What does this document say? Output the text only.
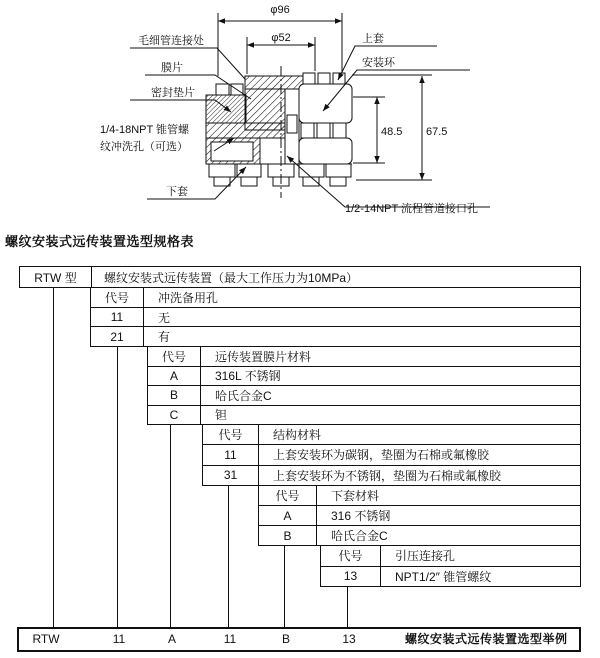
φ96
φ52
48.5 67.5
毛细管连接处
膜片
密封垫片
1/4-18NPT 锥管螺
纹冲洗孔（可选）
下套
上套
安装环
1/2-14NPT 流程管道接口孔
螺纹安装式远传装置选型规格表
RTW 型	螺纹安装式远传装置（最大工作压力为10MPa）
代号	冲洗备用孔
11	无
21	有
代号	远传装置膜片材料
A	316L 不锈钢
B	哈氏合金C
C	钽
代号	结构材料
11	上套安装环为碳钢，垫圈为石棉或氟橡胶
31	上套安装环为不锈钢，垫圈为石棉或氟橡胶
代号	下套材料
A	316 不锈钢
B	哈氏合金C
代号	引压连接孔
13	NPT1/2″ 锥管螺纹
RTW	11	A	11	B	13	螺纹安装式远传装置选型举例
